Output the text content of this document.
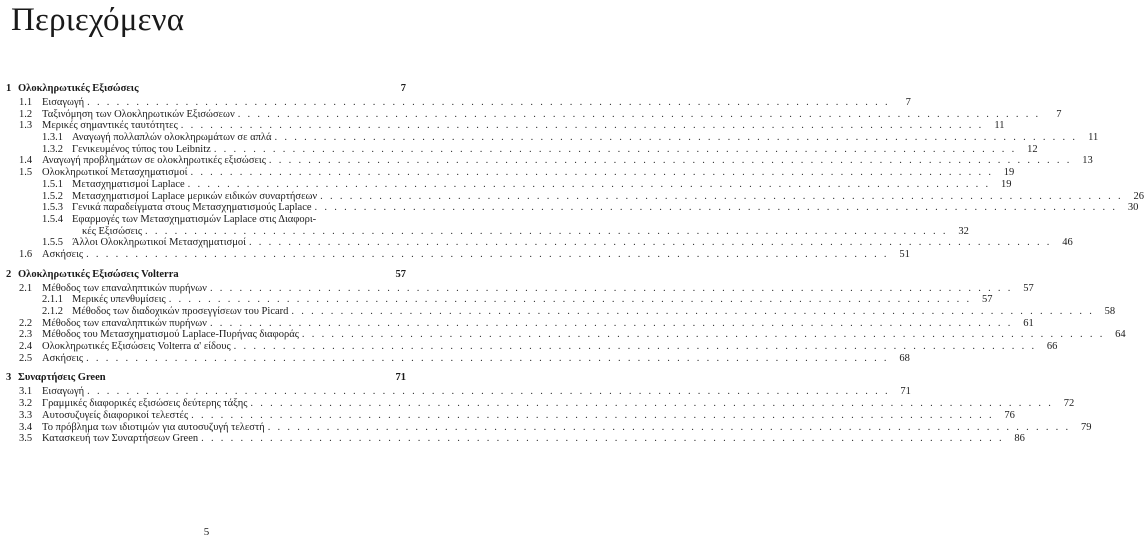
Περιεχόμενα
1 Ολοκληρωτικές Εξισώσεις	7
1.1 Εισαγωγή . . .	7
1.2 Ταξινόμηση των Ολοκληρωτικών Εξισώσεων . . .	7
1.3 Μερικές σημαντικές ταυτότητες . . .	11
1.3.1 Αναγωγή πολλαπλών ολοκληρωμάτων σε απλά . . .	11
1.3.2 Γενικευμένος τύπος του Leibnitz . . .	12
1.4 Αναγωγή προβλημάτων σε ολοκληρωτικές εξισώσεις . . .	13
1.5 Ολοκληρωτικοί Μετασχηματισμοί . . .	19
1.5.1 Μετασχηματισμοί Laplace . . .	19
1.5.2 Μετασχηματισμοί Laplace μερικών ειδικών συναρτήσεων . . .	26
1.5.3 Γενικά παραδείγματα στους Μετασχηματισμούς Laplace . . .	30
1.5.4 Εφαρμογές των Μετασχηματισμών Laplace στις Διαφορι-
κές Εξισώσεις . . .	32
1.5.5 Άλλοι Ολοκληρωτικοί Μετασχηματισμοί . . .	46
1.6 Ασκήσεις . . .	51
2 Ολοκληρωτικές Εξισώσεις Volterra	57
2.1 Μέθοδος των επαναληπτικών πυρήνων . . .	57
2.1.1 Μερικές υπενθυμίσεις . . .	57
2.1.2 Μέθοδος των διαδοχικών προσεγγίσεων του Picard . . .	58
2.2 Μέθοδος των επαναληπτικών πυρήνων . . .	61
2.3 Μέθοδος του Μετασχηματισμού Laplace-Πυρήνας διαφοράς . . .	64
2.4 Ολοκληρωτικές Εξισώσεις Volterra α' είδους . . .	66
2.5 Ασκήσεις . . .	68
3 Συναρτήσεις Green	71
3.1 Εισαγωγή . . .	71
3.2 Γραμμικές διαφορικές εξισώσεις δεύτερης τάξης . . .	72
3.3 Αυτοσυζυγείς διαφορικοί τελεστές . . .	76
3.4 Το πρόβλημα των ιδιοτιμών για αυτοσυζυγή τελεστή . . .	79
3.5 Κατασκευή των Συναρτήσεων Green . . .	86
5
